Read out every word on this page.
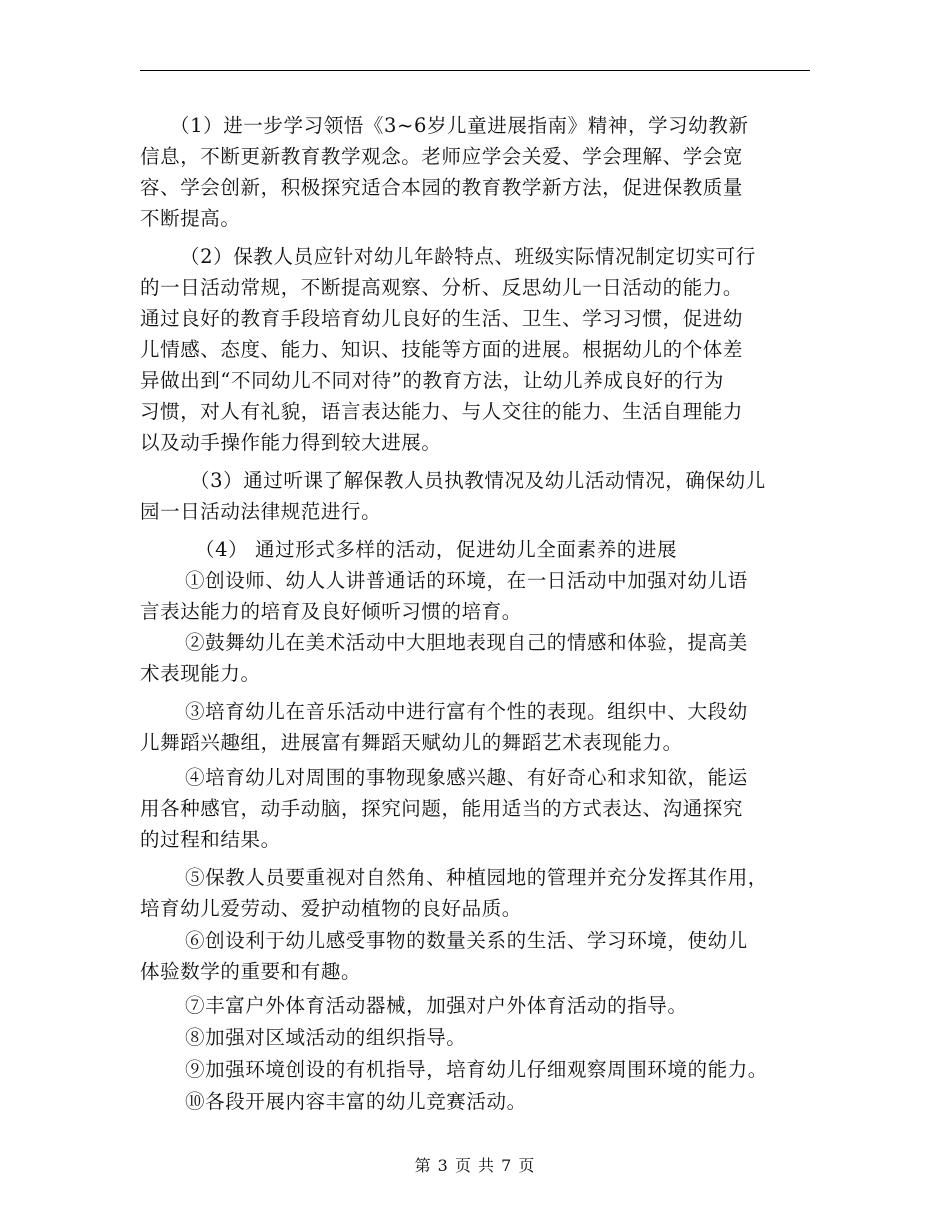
（1）进一步学习领悟《3~6岁儿童进展指南》精神，学习幼教新
信息，不断更新教育教学观念。老师应学会关爱、学会理解、学会宽
容、学会创新，积极探究适合本园的教育教学新方法，促进保教质量
不断提高。
（2）保教人员应针对幼儿年龄特点、班级实际情况制定切实可行
的一日活动常规，不断提高观察、分析、反思幼儿一日活动的能力。
通过良好的教育手段培育幼儿良好的生活、卫生、学习习惯，促进幼
儿情感、态度、能力、知识、技能等方面的进展。根据幼儿的个体差
异做出到“不同幼儿不同对待”的教育方法，让幼儿养成良好的行为
习惯，对人有礼貌，语言表达能力、与人交往的能力、生活自理能力
以及动手操作能力得到较大进展。
（3）通过听课了解保教人员执教情况及幼儿活动情况，确保幼儿
园一日活动法律规范进行。
（4） 通过形式多样的活动，促进幼儿全面素养的进展
①创设师、幼人人讲普通话的环境，在一日活动中加强对幼儿语
言表达能力的培育及良好倾听习惯的培育。
②鼓舞幼儿在美术活动中大胆地表现自己的情感和体验，提高美
术表现能力。
③培育幼儿在音乐活动中进行富有个性的表现。组织中、大段幼
儿舞蹈兴趣组，进展富有舞蹈天赋幼儿的舞蹈艺术表现能力。
④培育幼儿对周围的事物现象感兴趣、有好奇心和求知欲，能运
用各种感官，动手动脑，探究问题，能用适当的方式表达、沟通探究
的过程和结果。
⑤保教人员要重视对自然角、种植园地的管理并充分发挥其作用，
培育幼儿爱劳动、爱护动植物的良好品质。
⑥创设利于幼儿感受事物的数量关系的生活、学习环境，使幼儿
体验数学的重要和有趣。
⑦丰富户外体育活动器械，加强对户外体育活动的指导。
⑧加强对区域活动的组织指导。
⑨加强环境创设的有机指导，培育幼儿仔细观察周围环境的能力。
⑩各段开展内容丰富的幼儿竞赛活动。
第 3 页 共 7 页
